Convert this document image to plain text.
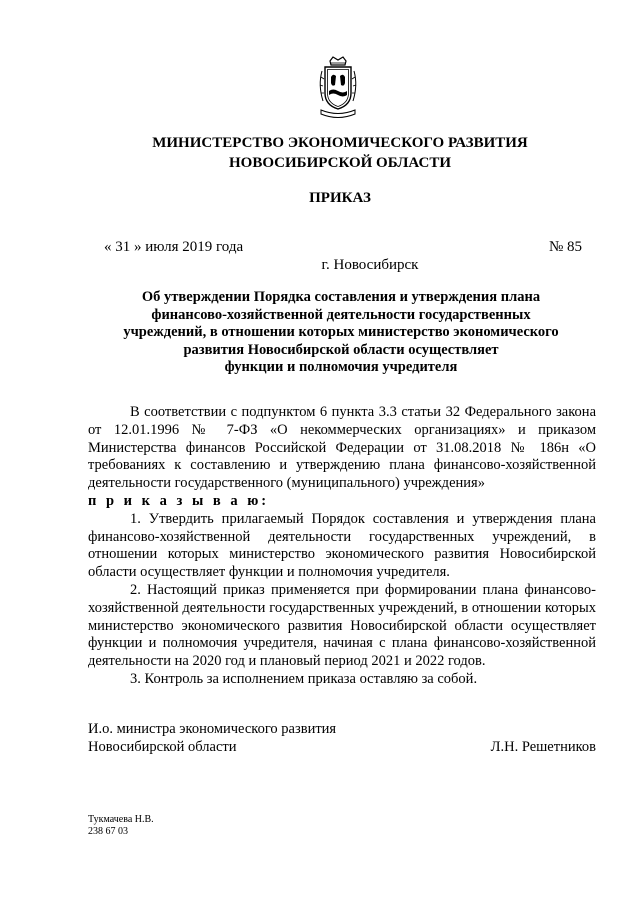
МИНИСТЕРСТВО ЭКОНОМИЧЕСКОГО РАЗВИТИЯ
НОВОСИБИРСКОЙ ОБЛАСТИ
ПРИКАЗ
« 31 » июля 2019 года	№ 85
г. Новосибирск
Об утверждении Порядка составления и утверждения плана
финансово-хозяйственной деятельности государственных
учреждений, в отношении которых министерство экономического
развития Новосибирской области осуществляет
функции и полномочия учредителя

В соответствии с подпунктом 6 пункта 3.3 статьи 32 Федерального закона от 12.01.1996 № 7-ФЗ «О некоммерческих организациях» и приказом Министерства финансов Российской Федерации от 31.08.2018 № 186н «О требованиях к составлению и утверждению плана финансово-хозяйственной деятельности государственного (муниципального) учреждения»

п р и к а з ы в а ю:

1. Утвердить прилагаемый Порядок составления и утверждения плана финансово-хозяйственной деятельности государственных учреждений, в отношении которых министерство экономического развития Новосибирской области осуществляет функции и полномочия учредителя.

2. Настоящий приказ применяется при формировании плана финансово-хозяйственной деятельности государственных учреждений, в отношении которых министерство экономического развития Новосибирской области осуществляет функции и полномочия учредителя, начиная с плана финансово-хозяйственной деятельности на 2020 год и плановый период 2021 и 2022 годов.

3. Контроль за исполнением приказа оставляю за собой.

И.о. министра экономического развития
Новосибирской области	Л.Н. Решетников
Тукмачева Н.В.
238 67 03
